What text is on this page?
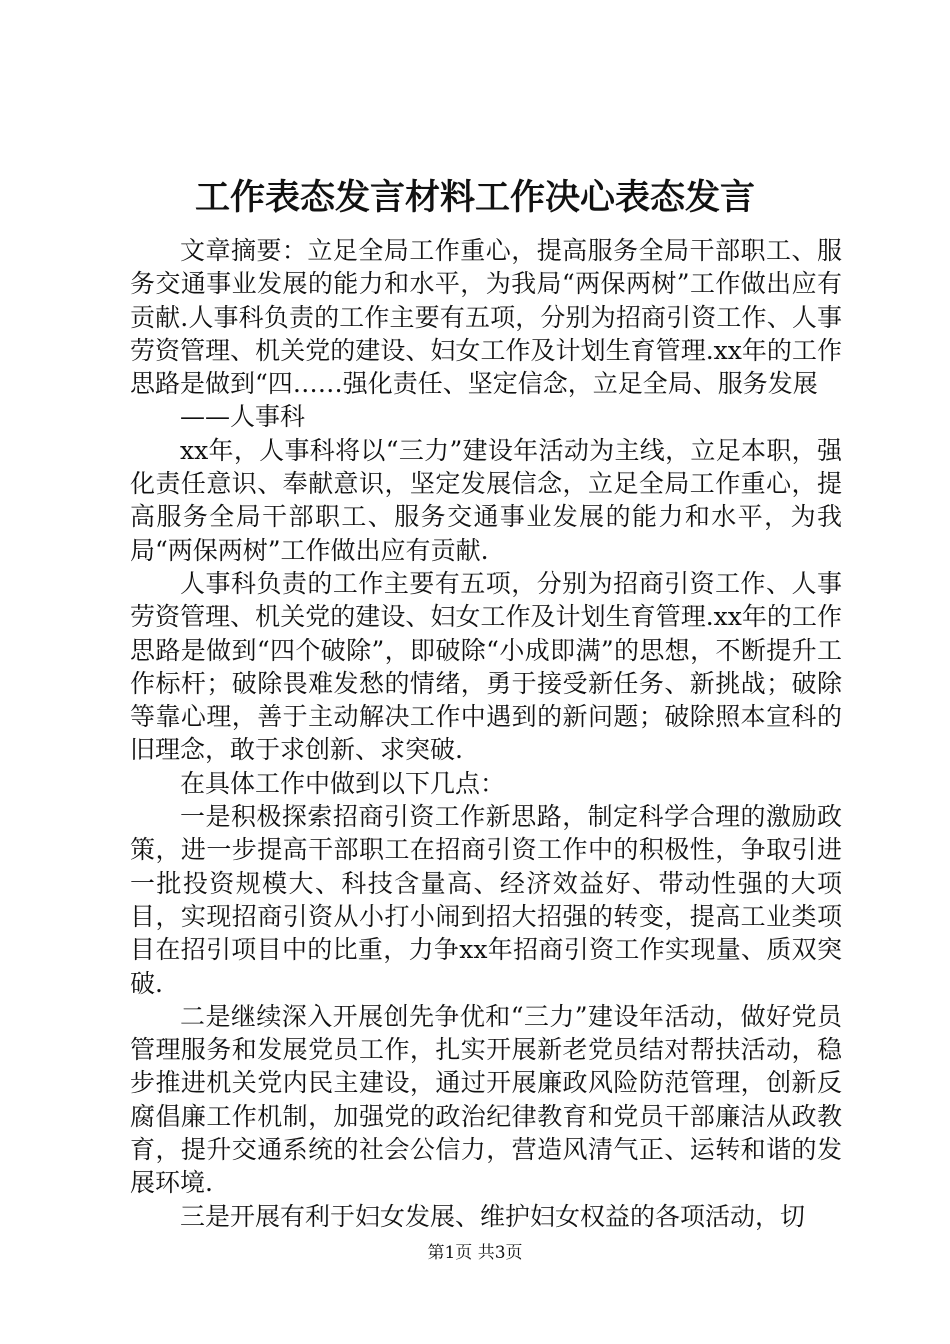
工作表态发言材料工作决心表态发言

文章摘要：立足全局工作重心，提高服务全局干部职工、服务交通事业发展的能力和水平，为我局“两保两树”工作做出应有贡献.人事科负责的工作主要有五项，分别为招商引资工作、人事劳资管理、机关党的建设、妇女工作及计划生育管理.xx年的工作思路是做到“四……强化责任、坚定信念，立足全局、服务发展

——人事科

xx年，人事科将以“三力”建设年活动为主线，立足本职，强化责任意识、奉献意识，坚定发展信念，立足全局工作重心，提高服务全局干部职工、服务交通事业发展的能力和水平，为我局“两保两树”工作做出应有贡献.

人事科负责的工作主要有五项，分别为招商引资工作、人事劳资管理、机关党的建设、妇女工作及计划生育管理.xx年的工作思路是做到“四个破除”，即破除“小成即满”的思想，不断提升工作标杆；破除畏难发愁的情绪，勇于接受新任务、新挑战；破除等靠心理，善于主动解决工作中遇到的新问题；破除照本宣科的旧理念，敢于求创新、求突破.

在具体工作中做到以下几点：

一是积极探索招商引资工作新思路，制定科学合理的激励政策，进一步提高干部职工在招商引资工作中的积极性，争取引进一批投资规模大、科技含量高、经济效益好、带动性强的大项目，实现招商引资从小打小闹到招大招强的转变，提高工业类项目在招引项目中的比重，力争xx年招商引资工作实现量、质双突破.

二是继续深入开展创先争优和“三力”建设年活动，做好党员管理服务和发展党员工作，扎实开展新老党员结对帮扶活动，稳步推进机关党内民主建设，通过开展廉政风险防范管理，创新反腐倡廉工作机制，加强党的政治纪律教育和党员干部廉洁从政教育，提升交通系统的社会公信力，营造风清气正、运转和谐的发展环境.

三是开展有利于妇女发展、维护妇女权益的各项活动，切

第1页 共3页
